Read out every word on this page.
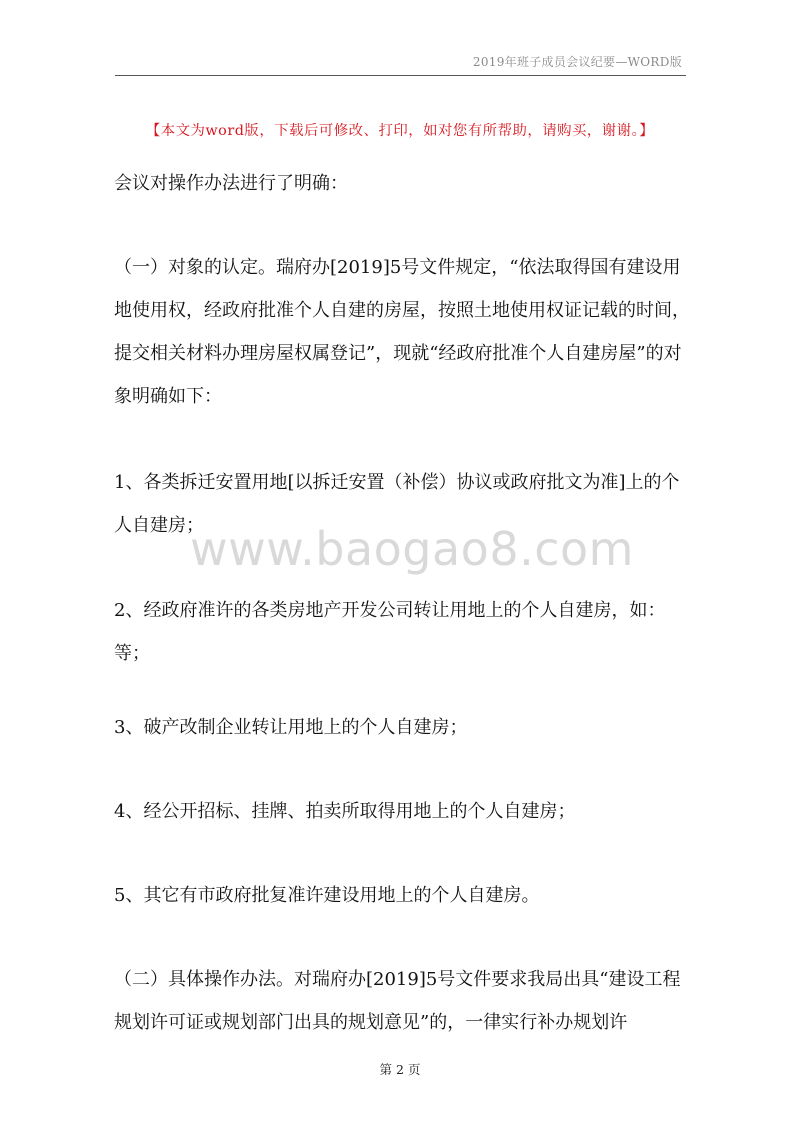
2019年班子成员会议纪要—WORD版
【本文为word版，下载后可修改、打印，如对您有所帮助，请购买，谢谢。】
会议对操作办法进行了明确：
（一）对象的认定。瑞府办[2019]5号文件规定，“依法取得国有建设用地使用权，经政府批准个人自建的房屋，按照土地使用权证记载的时间，提交相关材料办理房屋权属登记”，现就“经政府批准个人自建房屋”的对象明确如下：
1、各类拆迁安置用地[以拆迁安置（补偿）协议或政府批文为准]上的个人自建房；
2、经政府准许的各类房地产开发公司转让用地上的个人自建房，如：等；
3、破产改制企业转让用地上的个人自建房；
4、经公开招标、挂牌、拍卖所取得用地上的个人自建房；
5、其它有市政府批复准许建设用地上的个人自建房。
（二）具体操作办法。对瑞府办[2019]5号文件要求我局出具“建设工程规划许可证或规划部门出具的规划意见”的，一律实行补办规划许
www.baogao8.com
第 2 页
